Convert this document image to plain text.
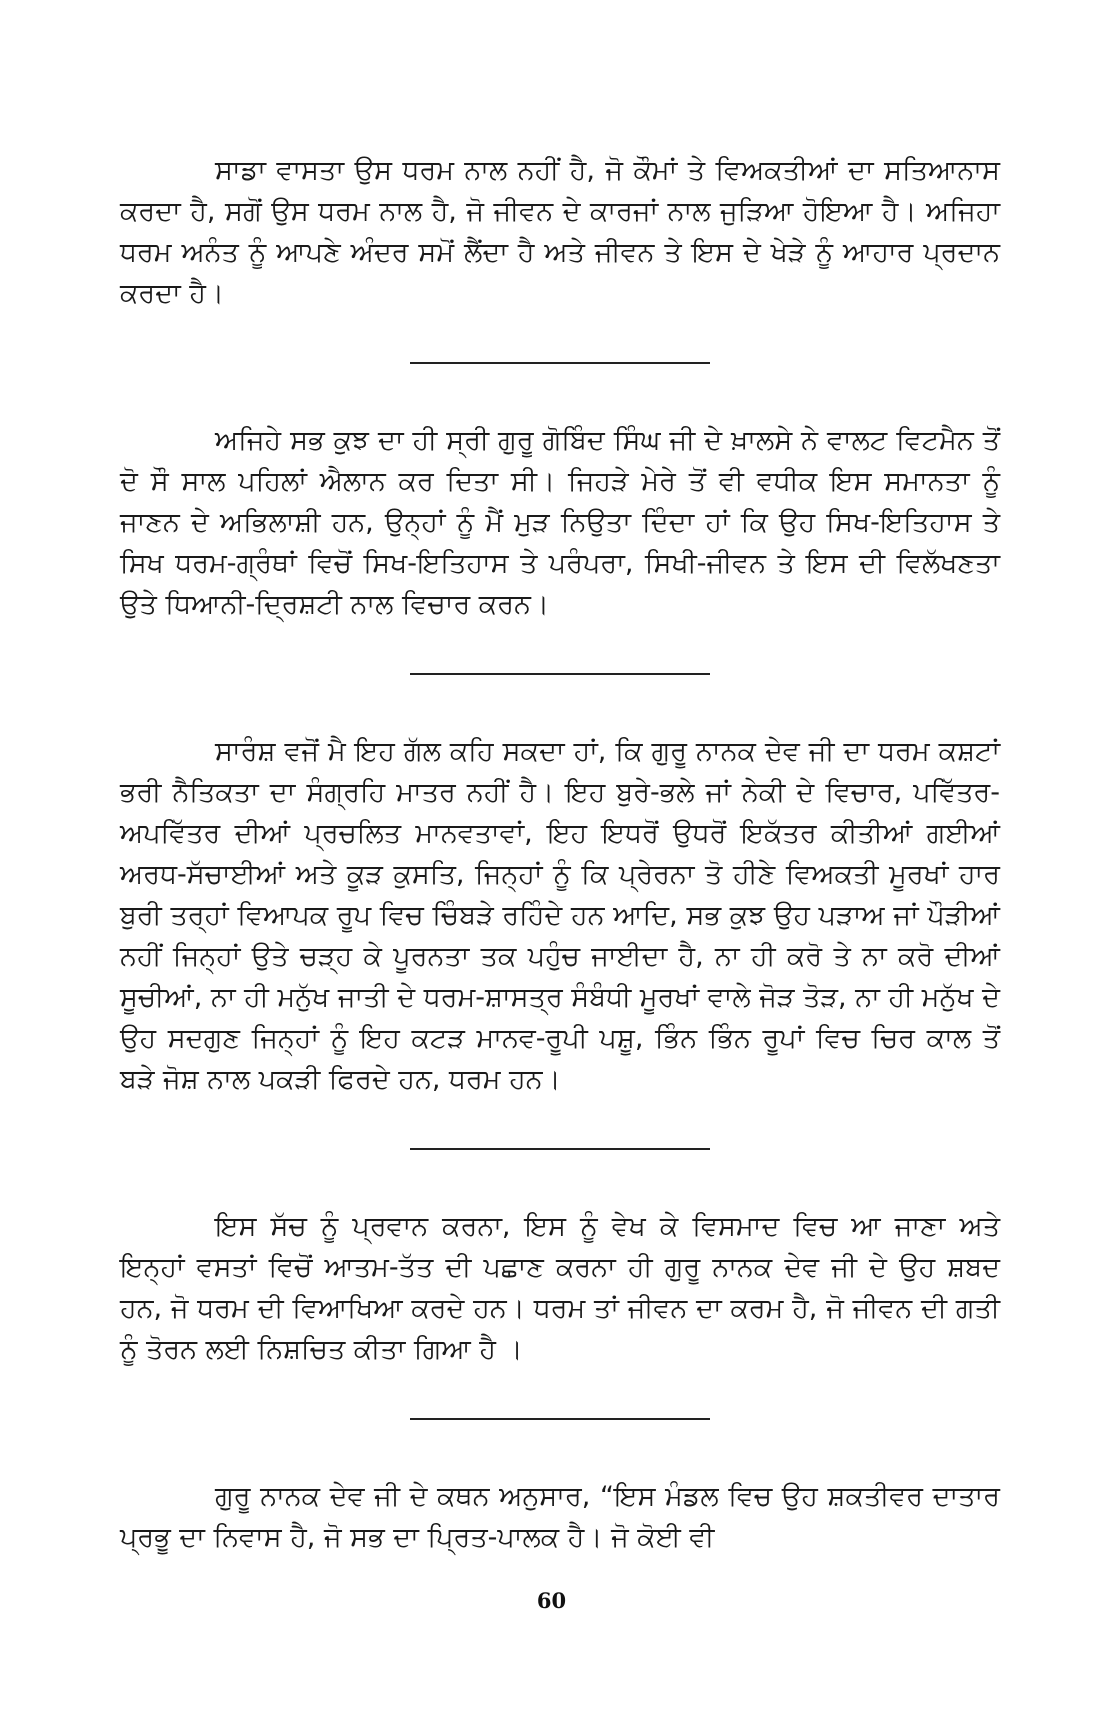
ਸਾਡਾ ਵਾਸਤਾ ਉਸ ਧਰਮ ਨਾਲ ਨਹੀਂ ਹੈ, ਜੋ ਕੌਮਾਂ ਤੇ ਵਿਅਕਤੀਆਂ ਦਾ ਸਤਿਆਨਾਸ ਕਰਦਾ ਹੈ, ਸਗੋਂ ਉਸ ਧਰਮ ਨਾਲ ਹੈ, ਜੋ ਜੀਵਨ ਦੇ ਕਾਰਜਾਂ ਨਾਲ ਜੁੜਿਆ ਹੋਇਆ ਹੈ। ਅਜਿਹਾ ਧਰਮ ਅਨੰਤ ਨੂੰ ਆਪਣੇ ਅੰਦਰ ਸਮੋਂ ਲੈਂਦਾ ਹੈ ਅਤੇ ਜੀਵਨ ਤੇ ਇਸ ਦੇ ਖੇੜੇ ਨੂੰ ਆਹਾਰ ਪ੍ਰਦਾਨ ਕਰਦਾ ਹੈ।

ਅਜਿਹੇ ਸਭ ਕੁਝ ਦਾ ਹੀ ਸ੍ਰੀ ਗੁਰੂ ਗੋਬਿੰਦ ਸਿੰਘ ਜੀ ਦੇ ਖ਼ਾਲਸੇ ਨੇ ਵਾਲਟ ਵਿਟਮੈਨ ਤੋਂ ਦੋ ਸੌ ਸਾਲ ਪਹਿਲਾਂ ਐਲਾਨ ਕਰ ਦਿਤਾ ਸੀ। ਜਿਹੜੇ ਮੇਰੇ ਤੋਂ ਵੀ ਵਧੀਕ ਇਸ ਸਮਾਨਤਾ ਨੂੰ ਜਾਣਨ ਦੇ ਅਭਿਲਾਸ਼ੀ ਹਨ, ਉਨ੍ਹਾਂ ਨੂੰ ਮੈਂ ਮੁੜ ਨਿਉਤਾ ਦਿੰਦਾ ਹਾਂ ਕਿ ਉਹ ਸਿਖ-ਇਤਿਹਾਸ ਤੇ ਸਿਖ ਧਰਮ-ਗ੍ਰੰਥਾਂ ਵਿਚੋਂ ਸਿਖ-ਇਤਿਹਾਸ ਤੇ ਪਰੰਪਰਾ, ਸਿਖੀ-ਜੀਵਨ ਤੇ ਇਸ ਦੀ ਵਿਲੱਖਣਤਾ ਉਤੇ ਧਿਆਨੀ-ਦ੍ਰਿਸ਼ਟੀ ਨਾਲ ਵਿਚਾਰ ਕਰਨ।

ਸਾਰੰਸ਼ ਵਜੋਂ ਮੈ ਇਹ ਗੱਲ ਕਹਿ ਸਕਦਾ ਹਾਂ, ਕਿ ਗੁਰੂ ਨਾਨਕ ਦੇਵ ਜੀ ਦਾ ਧਰਮ ਕਸ਼ਟਾਂ ਭਰੀ ਨੈਤਿਕਤਾ ਦਾ ਸੰਗ੍ਰਹਿ ਮਾਤਰ ਨਹੀਂ ਹੈ। ਇਹ ਬੁਰੇ-ਭਲੇ ਜਾਂ ਨੇਕੀ ਦੇ ਵਿਚਾਰ, ਪਵਿੱਤਰ-ਅਪਵਿੱਤਰ ਦੀਆਂ ਪ੍ਰਚਲਿਤ ਮਾਨਵਤਾਵਾਂ, ਇਹ ਇਧਰੋਂ ਉਧਰੋਂ ਇਕੱਤਰ ਕੀਤੀਆਂ ਗਈਆਂ ਅਰਧ-ਸੱਚਾਈਆਂ ਅਤੇ ਕੂੜ ਕੁਸਤਿ, ਜਿਨ੍ਹਾਂ ਨੂੰ ਕਿ ਪ੍ਰੇਰਨਾ ਤੋ ਹੀਣੇ ਵਿਅਕਤੀ ਮੂਰਖਾਂ ਹਾਰ ਬੁਰੀ ਤਰ੍ਹਾਂ ਵਿਆਪਕ ਰੂਪ ਵਿਚ ਚਿੰਬੜੇ ਰਹਿੰਦੇ ਹਨ ਆਦਿ, ਸਭ ਕੁਝ ਉਹ ਪੜਾਅ ਜਾਂ ਪੌੜੀਆਂ ਨਹੀਂ ਜਿਨ੍ਹਾਂ ਉਤੇ ਚੜ੍ਹ ਕੇ ਪੂਰਨਤਾ ਤਕ ਪਹੁੰਚ ਜਾਈਦਾ ਹੈ, ਨਾ ਹੀ ਕਰੋ ਤੇ ਨਾ ਕਰੋ ਦੀਆਂ ਸੂਚੀਆਂ, ਨਾ ਹੀ ਮਨੁੱਖ ਜਾਤੀ ਦੇ ਧਰਮ-ਸ਼ਾਸਤ੍ਰ ਸੰਬੰਧੀ ਮੂਰਖਾਂ ਵਾਲੇ ਜੋੜ ਤੋੜ, ਨਾ ਹੀ ਮਨੁੱਖ ਦੇ ਉਹ ਸਦਗੁਣ ਜਿਨ੍ਹਾਂ ਨੂੰ ਇਹ ਕਟੜ ਮਾਨਵ-ਰੂਪੀ ਪਸ਼ੂ, ਭਿੰਨ ਭਿੰਨ ਰੂਪਾਂ ਵਿਚ ਚਿਰ ਕਾਲ ਤੋਂ ਬੜੇ ਜੋਸ਼ ਨਾਲ ਪਕੜੀ ਫਿਰਦੇ ਹਨ, ਧਰਮ ਹਨ।

ਇਸ ਸੱਚ ਨੂੰ ਪ੍ਰਵਾਨ ਕਰਨਾ, ਇਸ ਨੂੰ ਵੇਖ ਕੇ ਵਿਸਮਾਦ ਵਿਚ ਆ ਜਾਣਾ ਅਤੇ ਇਨ੍ਹਾਂ ਵਸਤਾਂ ਵਿਚੋਂ ਆਤਮ-ਤੱਤ ਦੀ ਪਛਾਣ ਕਰਨਾ ਹੀ ਗੁਰੂ ਨਾਨਕ ਦੇਵ ਜੀ ਦੇ ਉਹ ਸ਼ਬਦ ਹਨ, ਜੋ ਧਰਮ ਦੀ ਵਿਆਖਿਆ ਕਰਦੇ ਹਨ। ਧਰਮ ਤਾਂ ਜੀਵਨ ਦਾ ਕਰਮ ਹੈ, ਜੋ ਜੀਵਨ ਦੀ ਗਤੀ ਨੂੰ ਤੋਰਨ ਲਈ ਨਿਸ਼ਚਿਤ ਕੀਤਾ ਗਿਆ ਹੈ ।

ਗੁਰੂ ਨਾਨਕ ਦੇਵ ਜੀ ਦੇ ਕਥਨ ਅਨੁਸਾਰ, “ਇਸ ਮੰਡਲ ਵਿਚ ਉਹ ਸ਼ਕਤੀਵਰ ਦਾਤਾਰ ਪ੍ਰਭੂ ਦਾ ਨਿਵਾਸ ਹੈ, ਜੋ ਸਭ ਦਾ ਪ੍ਰਿਤ-ਪਾਲਕ ਹੈ। ਜੋ ਕੋਈ ਵੀ

60
